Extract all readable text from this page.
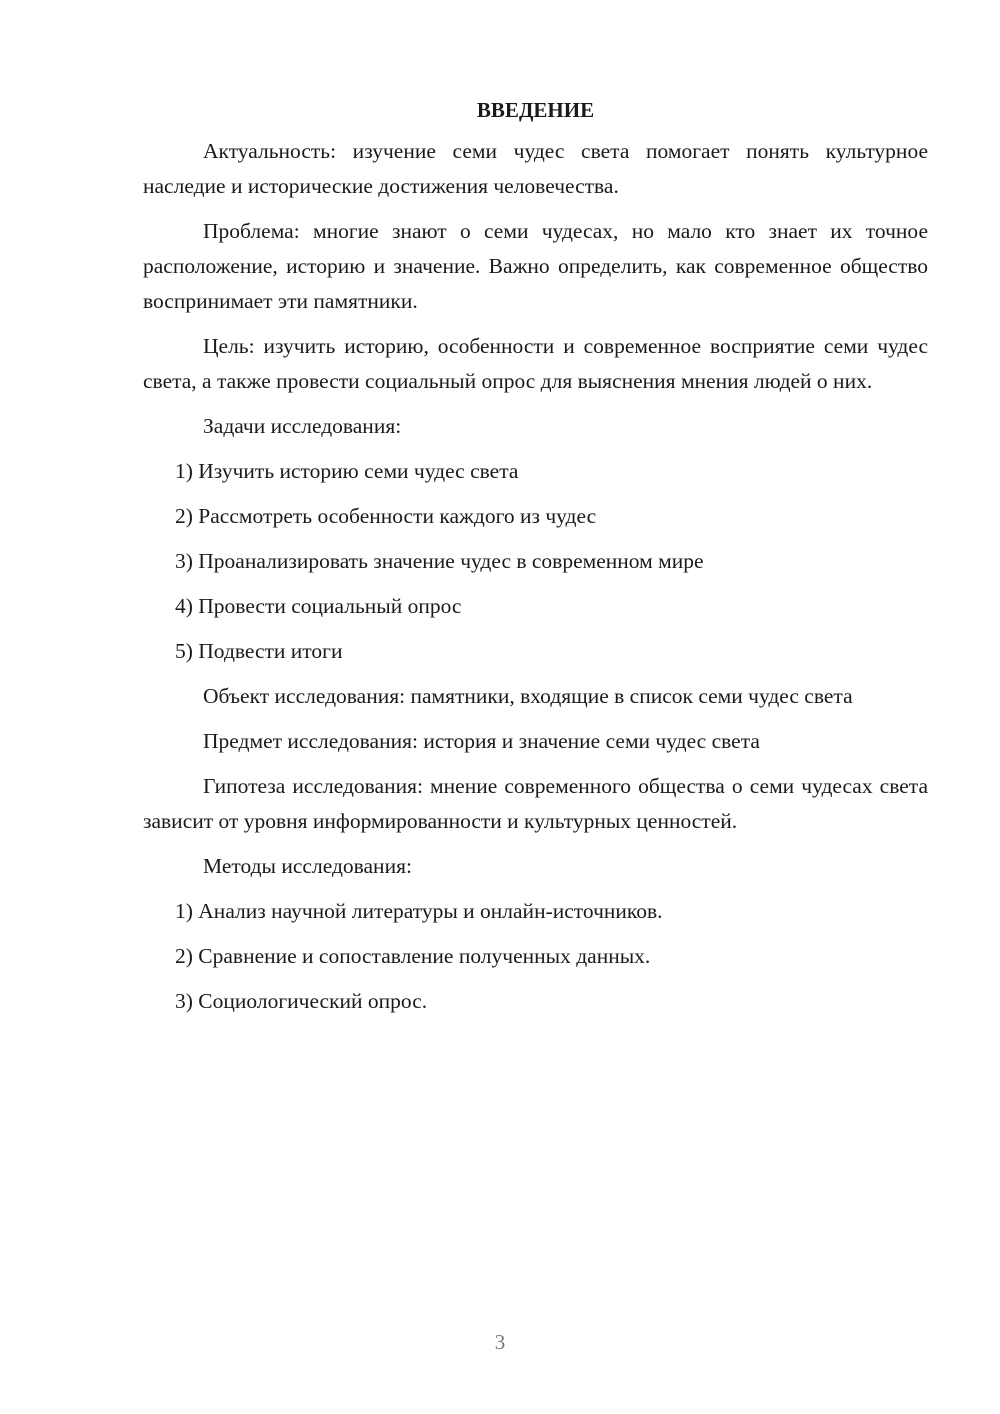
ВВЕДЕНИЕ

Актуальность: изучение семи чудес света помогает понять культурное наследие и исторические достижения человечества.

Проблема: многие знают о семи чудесах, но мало кто знает их точное расположение, историю и значение. Важно определить, как современное общество воспринимает эти памятники.

Цель: изучить историю, особенности и современное восприятие семи чудес света, а также провести социальный опрос для выяснения мнения людей о них.

Задачи исследования:

1) Изучить историю семи чудес света

2) Рассмотреть особенности каждого из чудес

3) Проанализировать значение чудес в современном мире

4) Провести социальный опрос

5) Подвести итоги

Объект исследования: памятники, входящие в список семи чудес света

Предмет исследования: история и значение семи чудес света

Гипотеза исследования: мнение современного общества о семи чудесах света зависит от уровня информированности и культурных ценностей.

Методы исследования:

1) Анализ научной литературы и онлайн-источников.

2) Сравнение и сопоставление полученных данных.

3) Социологический опрос.

3
